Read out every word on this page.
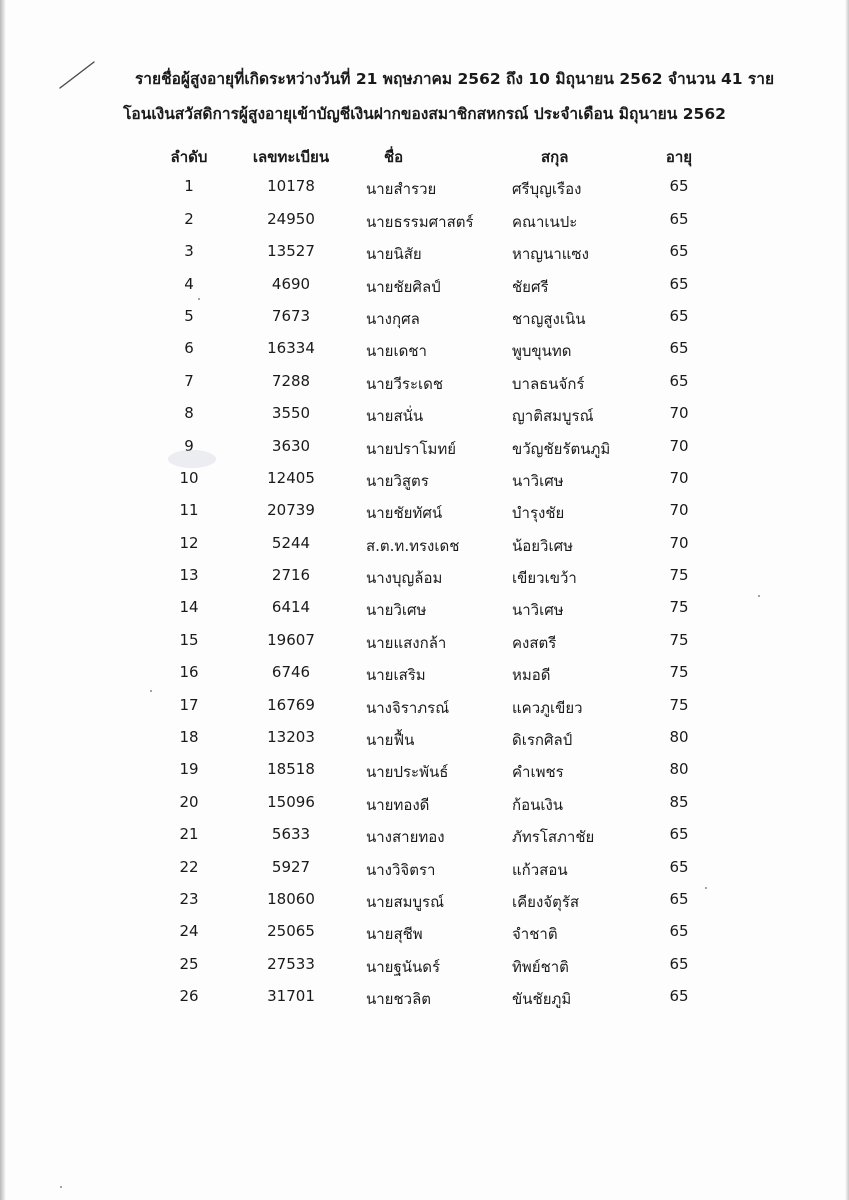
รายชื่อผู้สูงอายุที่เกิดระหว่างวันที่ 21 พฤษภาคม 2562 ถึง 10 มิถุนายน 2562 จำนวน 41 ราย
โอนเงินสวัสดิการผู้สูงอายุเข้าบัญชีเงินฝากของสมาชิกสหกรณ์ ประจำเดือน มิถุนายน 2562
ลำดับ	เลขทะเบียน	ชื่อ	สกุล	อายุ
1	10178	นายสำรวย	ศรีบุญเรือง	65
2	24950	นายธรรมศาสตร์	คณาเนปะ	65
3	13527	นายนิสัย	หาญนาแซง	65
4	4690	นายชัยศิลป์	ชัยศรี	65
5	7673	นางกุศล	ชาญสูงเนิน	65
6	16334	นายเดชา	พูบขุนทด	65
7	7288	นายวีระเดช	บาลธนจักร์	65
8	3550	นายสนั่น	ญาติสมบูรณ์	70
9	3630	นายปราโมทย์	ขวัญชัยรัตนภูมิ	70
10	12405	นายวิสูตร	นาวิเศษ	70
11	20739	นายชัยทัศน์	บำรุงชัย	70
12	5244	ส.ต.ท.ทรงเดช	น้อยวิเศษ	70
13	2716	นางบุญล้อม	เขียวเขว้า	75
14	6414	นายวิเศษ	นาวิเศษ	75
15	19607	นายแสงกล้า	คงสตรี	75
16	6746	นายเสริม	หมอดี	75
17	16769	นางจิราภรณ์	แควภูเขียว	75
18	13203	นายฟื้น	ดิเรกศิลป์	80
19	18518	นายประพันธ์	คำเพชร	80
20	15096	นายทองดี	ก้อนเงิน	85
21	5633	นางสายทอง	ภัทรโสภาชัย	65
22	5927	นางวิจิตรา	แก้วสอน	65
23	18060	นายสมบูรณ์	เคียงจัตุรัส	65
24	25065	นายสุชีพ	จำชาติ	65
25	27533	นายฐนันดร์	ทิพย์ชาติ	65
26	31701	นายชวลิต	ขันชัยภูมิ	65
